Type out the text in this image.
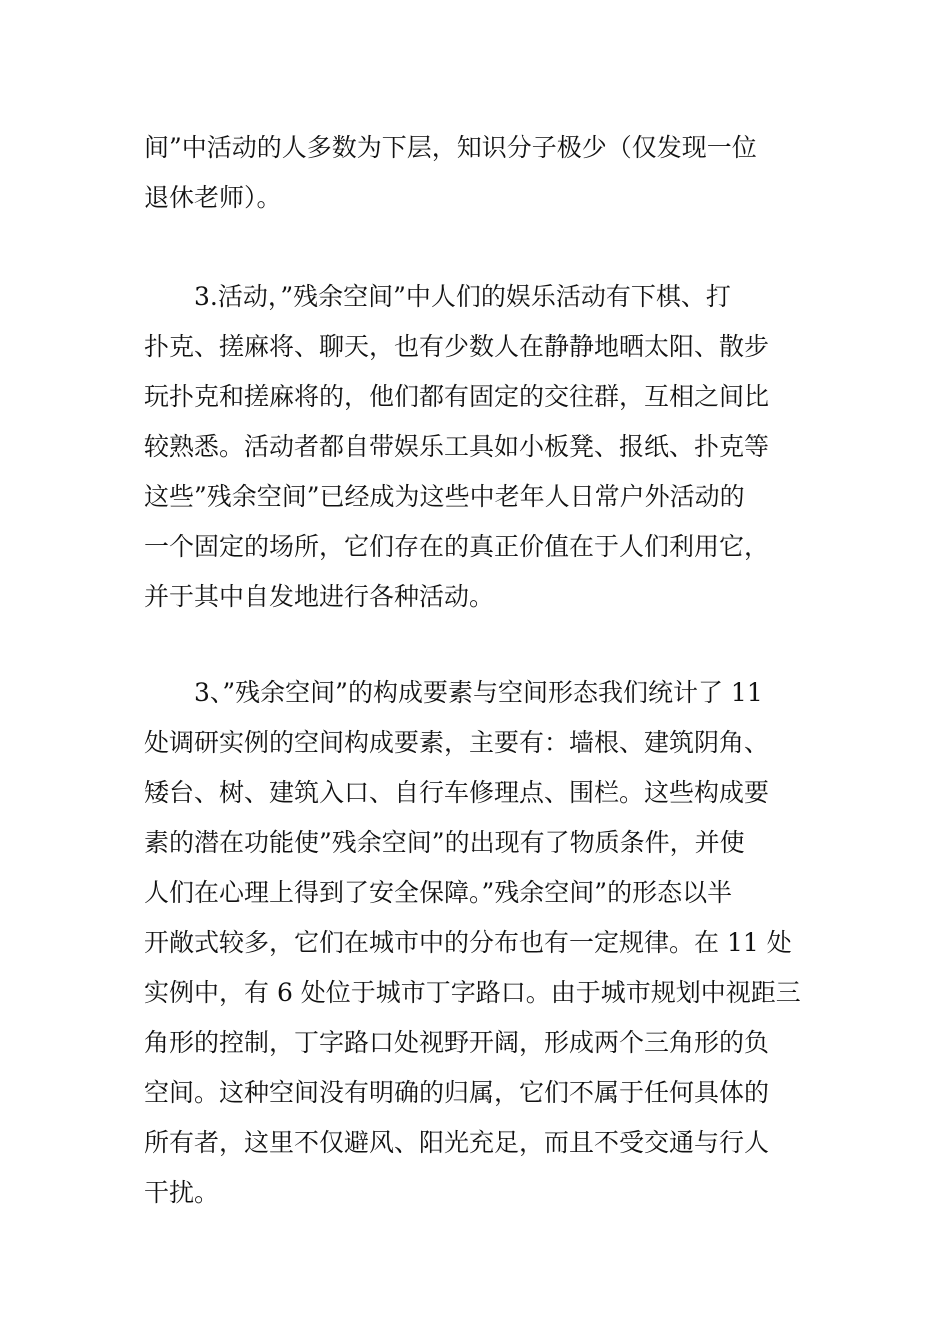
间”中活动的人多数为下层，知识分子极少（仅发现一位
退休老师）。
3.活动，”残余空间”中人们的娱乐活动有下棋、打
扑克、搓麻将、聊天，也有少数人在静静地晒太阳、散步
玩扑克和搓麻将的，他们都有固定的交往群，互相之间比
较熟悉。活动者都自带娱乐工具如小板凳、报纸、扑克等
这些”残余空间”已经成为这些中老年人日常户外活动的
一个固定的场所，它们存在的真正价值在于人们利用它，
并于其中自发地进行各种活动。
3、”残余空间”的构成要素与空间形态我们统计了 11
处调研实例的空间构成要素，主要有：墙根、建筑阴角、
矮台、树、建筑入口、自行车修理点、围栏。这些构成要
素的潜在功能使”残余空间”的出现有了物质条件，并使
人们在心理上得到了安全保障。”残余空间”的形态以半
开敞式较多，它们在城市中的分布也有一定规律。在 11 处
实例中，有 6 处位于城市丁字路口。由于城市规划中视距三
角形的控制，丁字路口处视野开阔，形成两个三角形的负
空间。这种空间没有明确的归属，它们不属于任何具体的
所有者，这里不仅避风、阳光充足，而且不受交通与行人
干扰。
